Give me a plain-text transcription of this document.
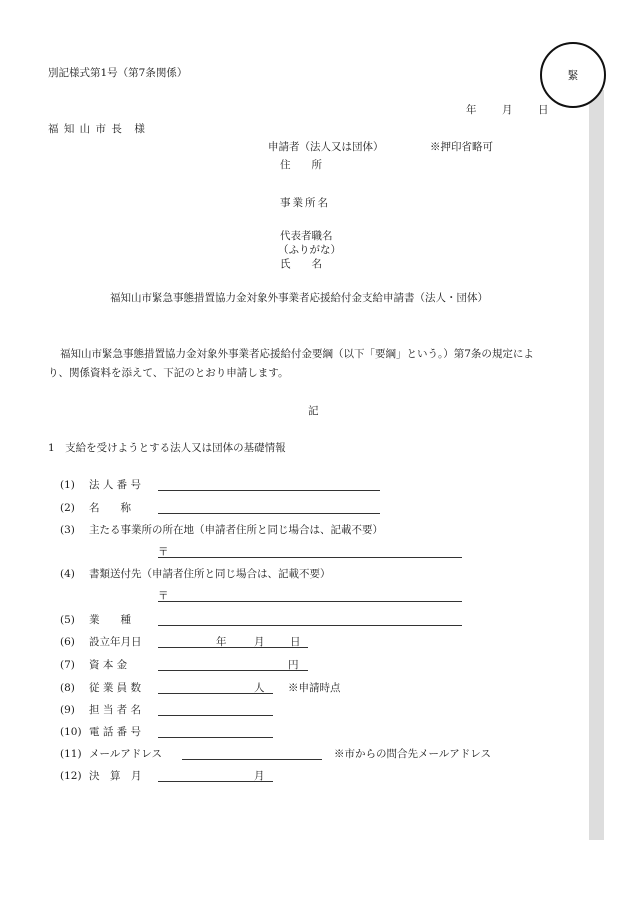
緊
別記様式第1号（第7条関係）
年 月 日
福 知 山 市 長　様
申請者（法人又は団体）	※押印省略可
住　　所
事業所名
代表者職名
（ふりがな）
氏　　名
福知山市緊急事態措置協力金対象外事業者応援給付金支給申請書（法人・団体）
福知山市緊急事態措置協力金対象外事業者応援給付金要綱（以下「要綱」という。）第7条の規定によ
り、関係資料を添えて、下記のとおり申請します。
記
1　支給を受けようとする法人又は団体の基礎情報
(1) 法 人 番 号
(2) 名　　称
(3) 主たる事業所の所在地（申請者住所と同じ場合は、記載不要）
〒
(4) 書類送付先（申請者住所と同じ場合は、記載不要）
〒
(5) 業　　種
(6) 設立年月日	年	月 日
(7) 資 本 金	円
(8) 従 業 員 数	人 ※申請時点
(9) 担 当 者 名
(10) 電 話 番 号
(11) メールアドレス	※市からの問合先メールアドレス
(12) 決　算　月	月
